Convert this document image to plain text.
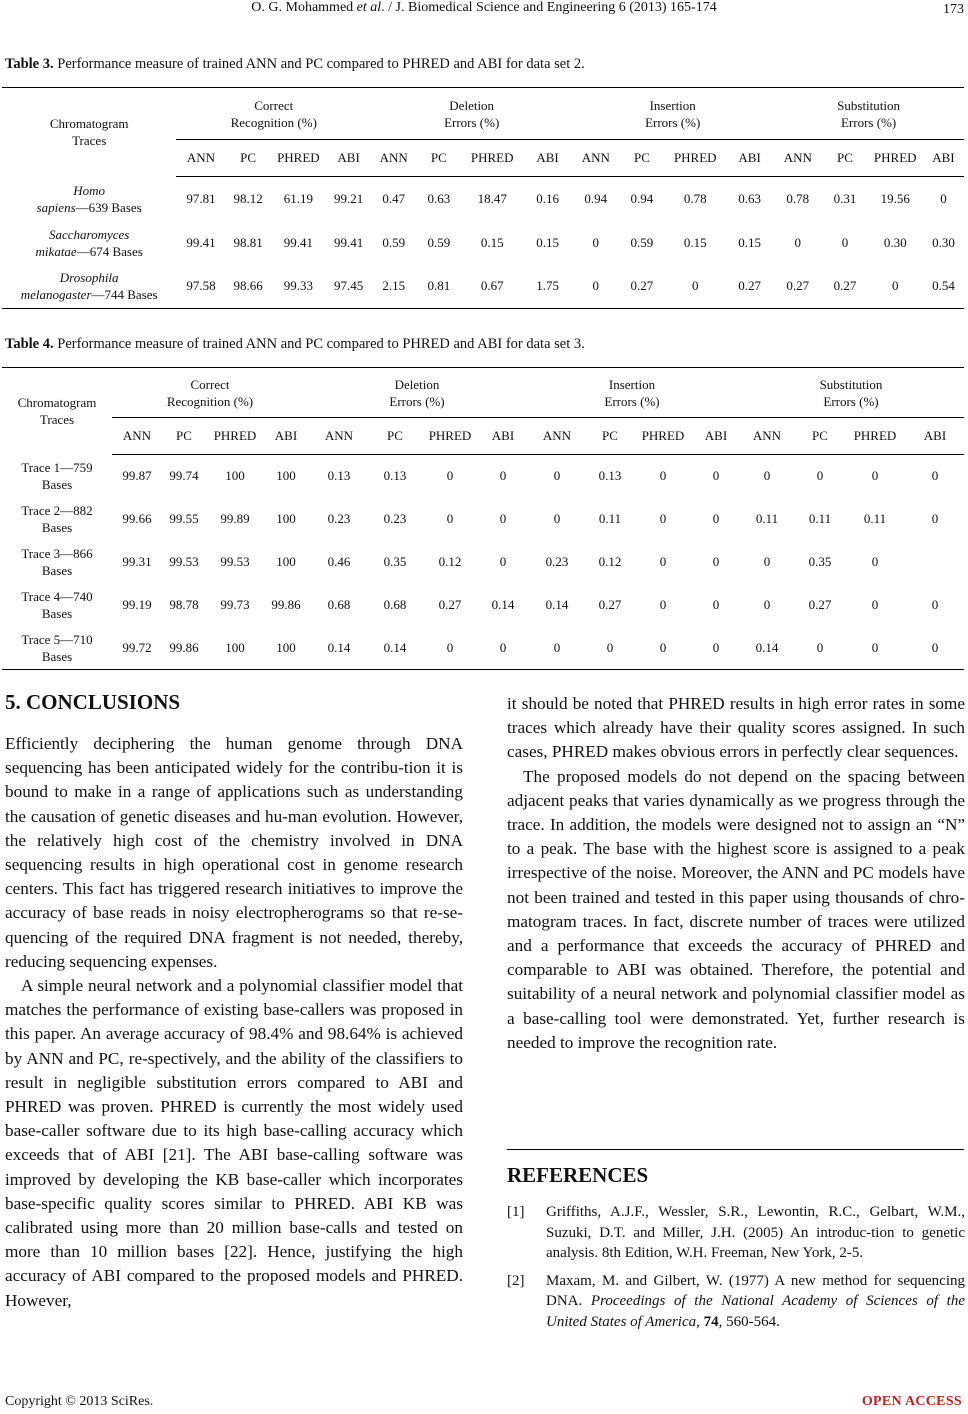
O. G. Mohammed et al. / J. Biomedical Science and Engineering 6 (2013) 165-174	173
Table 3. Performance measure of trained ANN and PC compared to PHRED and ABI for data set 2.
Chromatogram
Traces	Correct
Recognition (%)				Deletion
Errors (%)				Insertion
Errors (%)				Substitution
Errors (%)			
	ANN	PC	PHRED	ABI	ANN	PC	PHRED	ABI	ANN	PC	PHRED	ABI	ANN	PC	PHRED	ABI
Homo
sapiens—639 Bases	97.81	98.12	61.19	99.21	0.47	0.63	18.47	0.16	0.94	0.94	0.78	0.63	0.78	0.31	19.56	0
Saccharomyces
mikatae—674 Bases	99.41	98.81	99.41	99.41	0.59	0.59	0.15	0.15	0	0.59	0.15	0.15	0	0	0.30	0.30
Drosophila
melanogaster—744 Bases	97.58	98.66	99.33	97.45	2.15	0.81	0.67	1.75	0	0.27	0	0.27	0.27	0.27	0	0.54
Table 4. Performance measure of trained ANN and PC compared to PHRED and ABI for data set 3.
Chromatogram
Traces	Correct
Recognition (%)				Deletion
Errors (%)				Insertion
Errors (%)				Substitution
Errors (%)			
	ANN	PC	PHRED	ABI	ANN	PC	PHRED	ABI	ANN	PC	PHRED	ABI	ANN	PC	PHRED	ABI
Trace 1—759
Bases	99.87	99.74	100	100	0.13	0.13	0	0	0	0.13	0	0	0	0	0	0
Trace 2—882
Bases	99.66	99.55	99.89	100	0.23	0.23	0	0	0	0.11	0	0	0.11	0.11	0.11	0
Trace 3—866
Bases	99.31	99.53	99.53	100	0.46	0.35	0.12	0	0.23	0.12	0	0	0	0.35	0	
Trace 4—740
Bases	99.19	98.78	99.73	99.86	0.68	0.68	0.27	0.14	0.14	0.27	0	0	0	0.27	0	0
Trace 5—710
Bases	99.72	99.86	100	100	0.14	0.14	0	0	0	0	0	0	0.14	0	0	0
5. CONCLUSIONS

Efficiently deciphering the human genome through DNA sequencing has been anticipated widely for the contribu-tion it is bound to make in a range of applications such as understanding the causation of genetic diseases and hu-man evolution. However, the relatively high cost of the chemistry involved in DNA sequencing results in high operational cost in genome research centers. This fact has triggered research initiatives to improve the accuracy of base reads in noisy electropherograms so that re-se-quencing of the required DNA fragment is not needed, thereby, reducing sequencing expenses.

A simple neural network and a polynomial classifier model that matches the performance of existing base-callers was proposed in this paper. An average accuracy of 98.4% and 98.64% is achieved by ANN and PC, re-spectively, and the ability of the classifiers to result in negligible substitution errors compared to ABI and PHRED was proven. PHRED is currently the most widely used base-caller software due to its high base-calling accuracy which exceeds that of ABI [21]. The ABI base-calling software was improved by developing the KB base-caller which incorporates base-specific quality scores similar to PHRED. ABI KB was calibrated using more than 20 million base-calls and tested on more than 10 million bases [22]. Hence, justifying the high accuracy of ABI compared to the proposed models and PHRED. However,

it should be noted that PHRED results in high error rates in some traces which already have their quality scores assigned. In such cases, PHRED makes obvious errors in perfectly clear sequences.

The proposed models do not depend on the spacing between adjacent peaks that varies dynamically as we progress through the trace. In addition, the models were designed not to assign an “N” to a peak. The base with the highest score is assigned to a peak irrespective of the noise. Moreover, the ANN and PC models have not been trained and tested in this paper using thousands of chro-matogram traces. In fact, discrete number of traces were utilized and a performance that exceeds the accuracy of PHRED and comparable to ABI was obtained. Therefore, the potential and suitability of a neural network and polynomial classifier model as a base-calling tool were demonstrated. Yet, further research is needed to improve the recognition rate.

REFERENCES
[1] Griffiths, A.J.F., Wessler, S.R., Lewontin, R.C., Gelbart, W.M., Suzuki, D.T. and Miller, J.H. (2005) An introduc-tion to genetic analysis. 8th Edition, W.H. Freeman, New York, 2-5.
[2] Maxam, M. and Gilbert, W. (1977) A new method for sequencing DNA. Proceedings of the National Academy of Sciences of the United States of America, 74, 560-564.
Copyright © 2013 SciRes.	OPEN ACCESS
